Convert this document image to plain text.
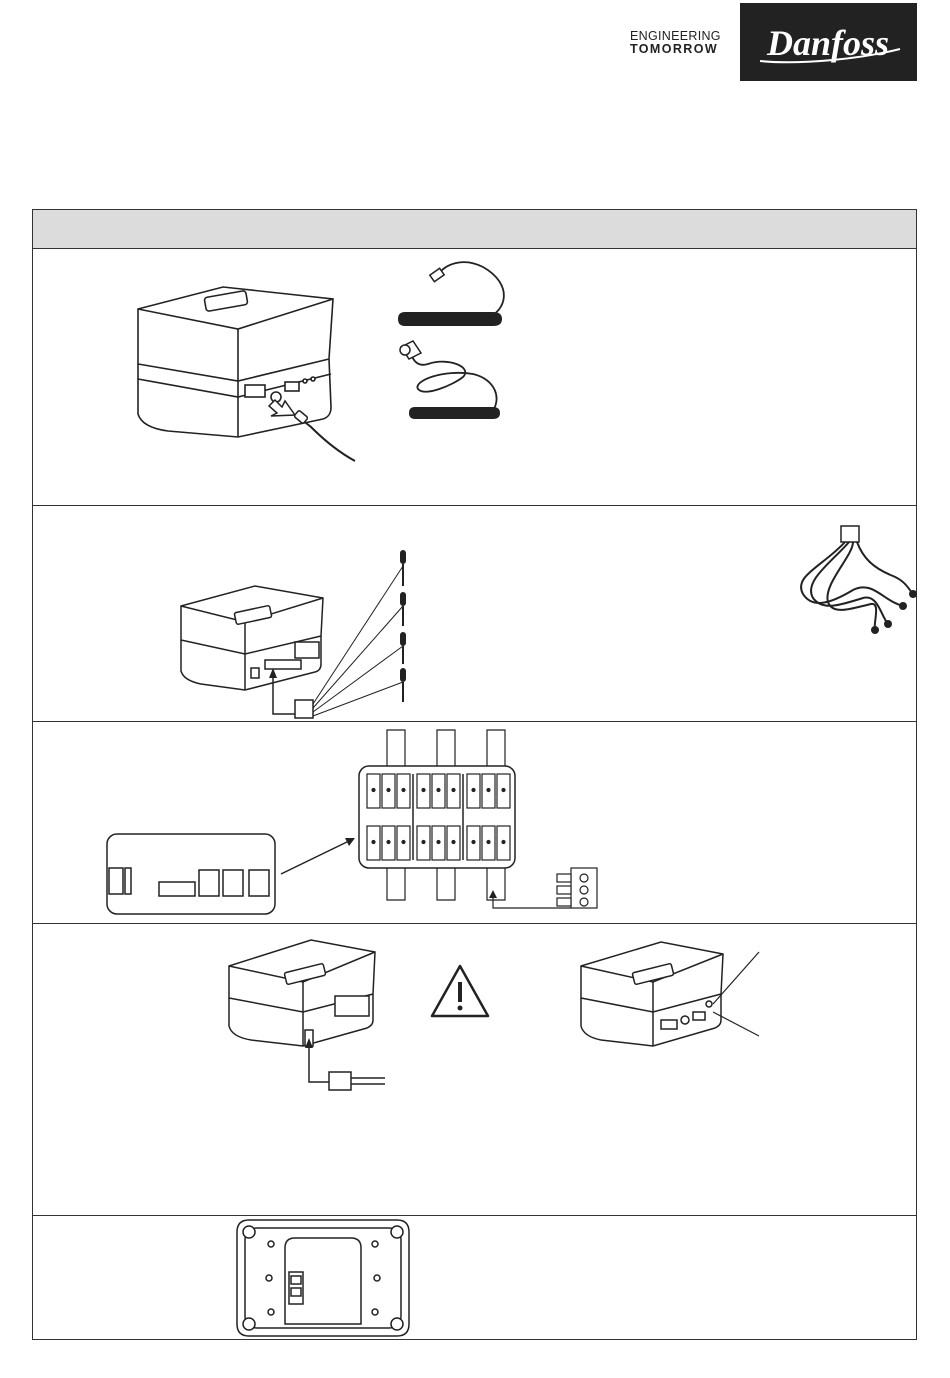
ENGINEERING
TOMORROW Danfoss
